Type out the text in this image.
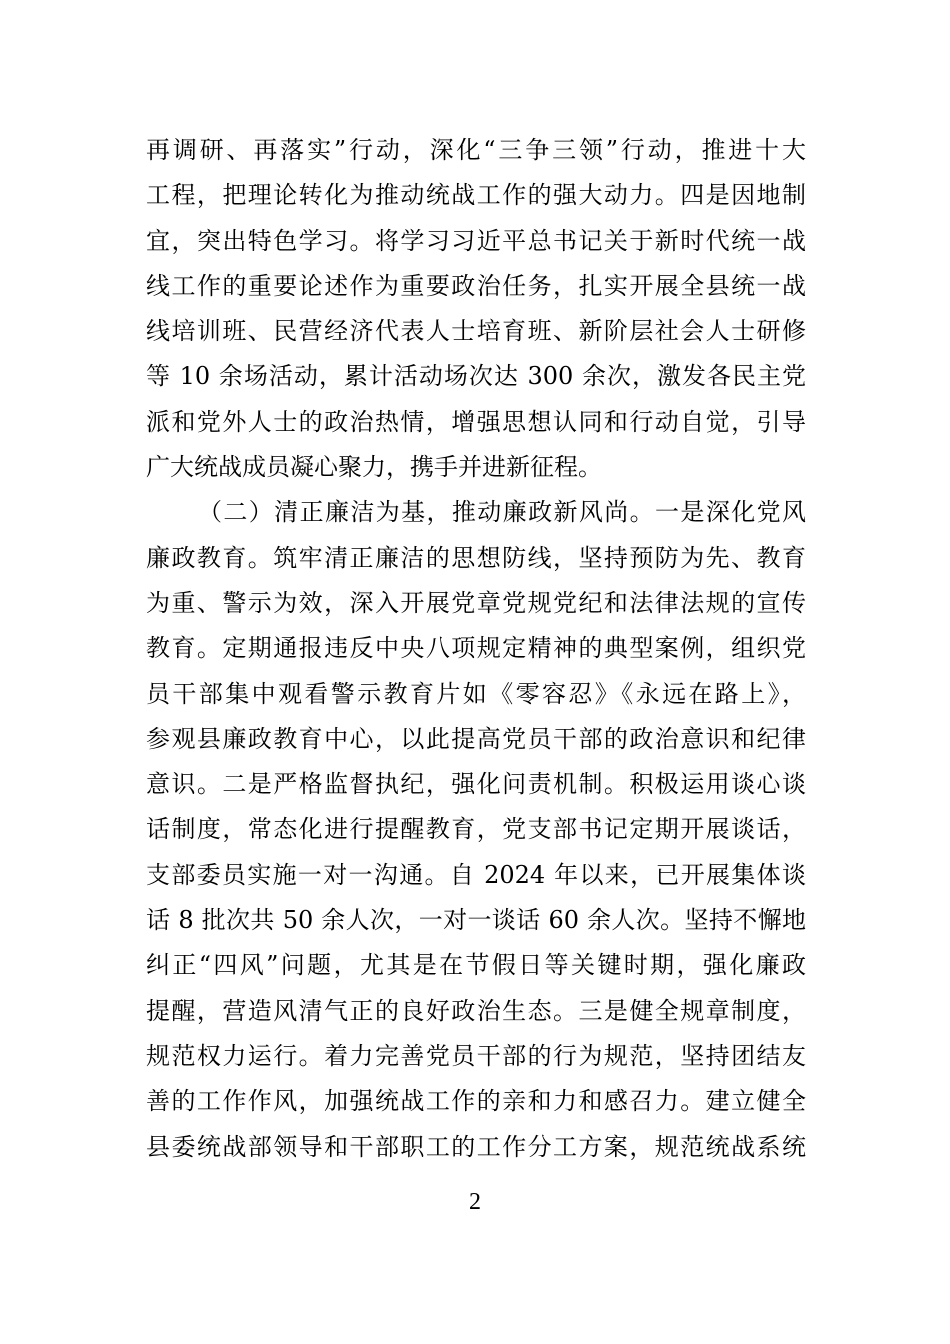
再调研、再落实”行动，深化“三争三领”行动，推进十大
工程，把理论转化为推动统战工作的强大动力。四是因地制
宜，突出特色学习。将学习习近平总书记关于新时代统一战
线工作的重要论述作为重要政治任务，扎实开展全县统一战
线培训班、民营经济代表人士培育班、新阶层社会人士研修
等 10 余场活动，累计活动场次达 300 余次，激发各民主党
派和党外人士的政治热情，增强思想认同和行动自觉，引导
广大统战成员凝心聚力，携手并进新征程。
（二）清正廉洁为基，推动廉政新风尚。一是深化党风
廉政教育。筑牢清正廉洁的思想防线，坚持预防为先、教育
为重、警示为效，深入开展党章党规党纪和法律法规的宣传
教育。定期通报违反中央八项规定精神的典型案例，组织党
员干部集中观看警示教育片如《零容忍》《永远在路上》，
参观县廉政教育中心，以此提高党员干部的政治意识和纪律
意识。二是严格监督执纪，强化问责机制。积极运用谈心谈
话制度，常态化进行提醒教育，党支部书记定期开展谈话，
支部委员实施一对一沟通。自 2024 年以来，已开展集体谈
话 8 批次共 50 余人次，一对一谈话 60 余人次。坚持不懈地
纠正“四风”问题，尤其是在节假日等关键时期，强化廉政
提醒，营造风清气正的良好政治生态。三是健全规章制度，
规范权力运行。着力完善党员干部的行为规范，坚持团结友
善的工作作风，加强统战工作的亲和力和感召力。建立健全
县委统战部领导和干部职工的工作分工方案，规范统战系统
2
